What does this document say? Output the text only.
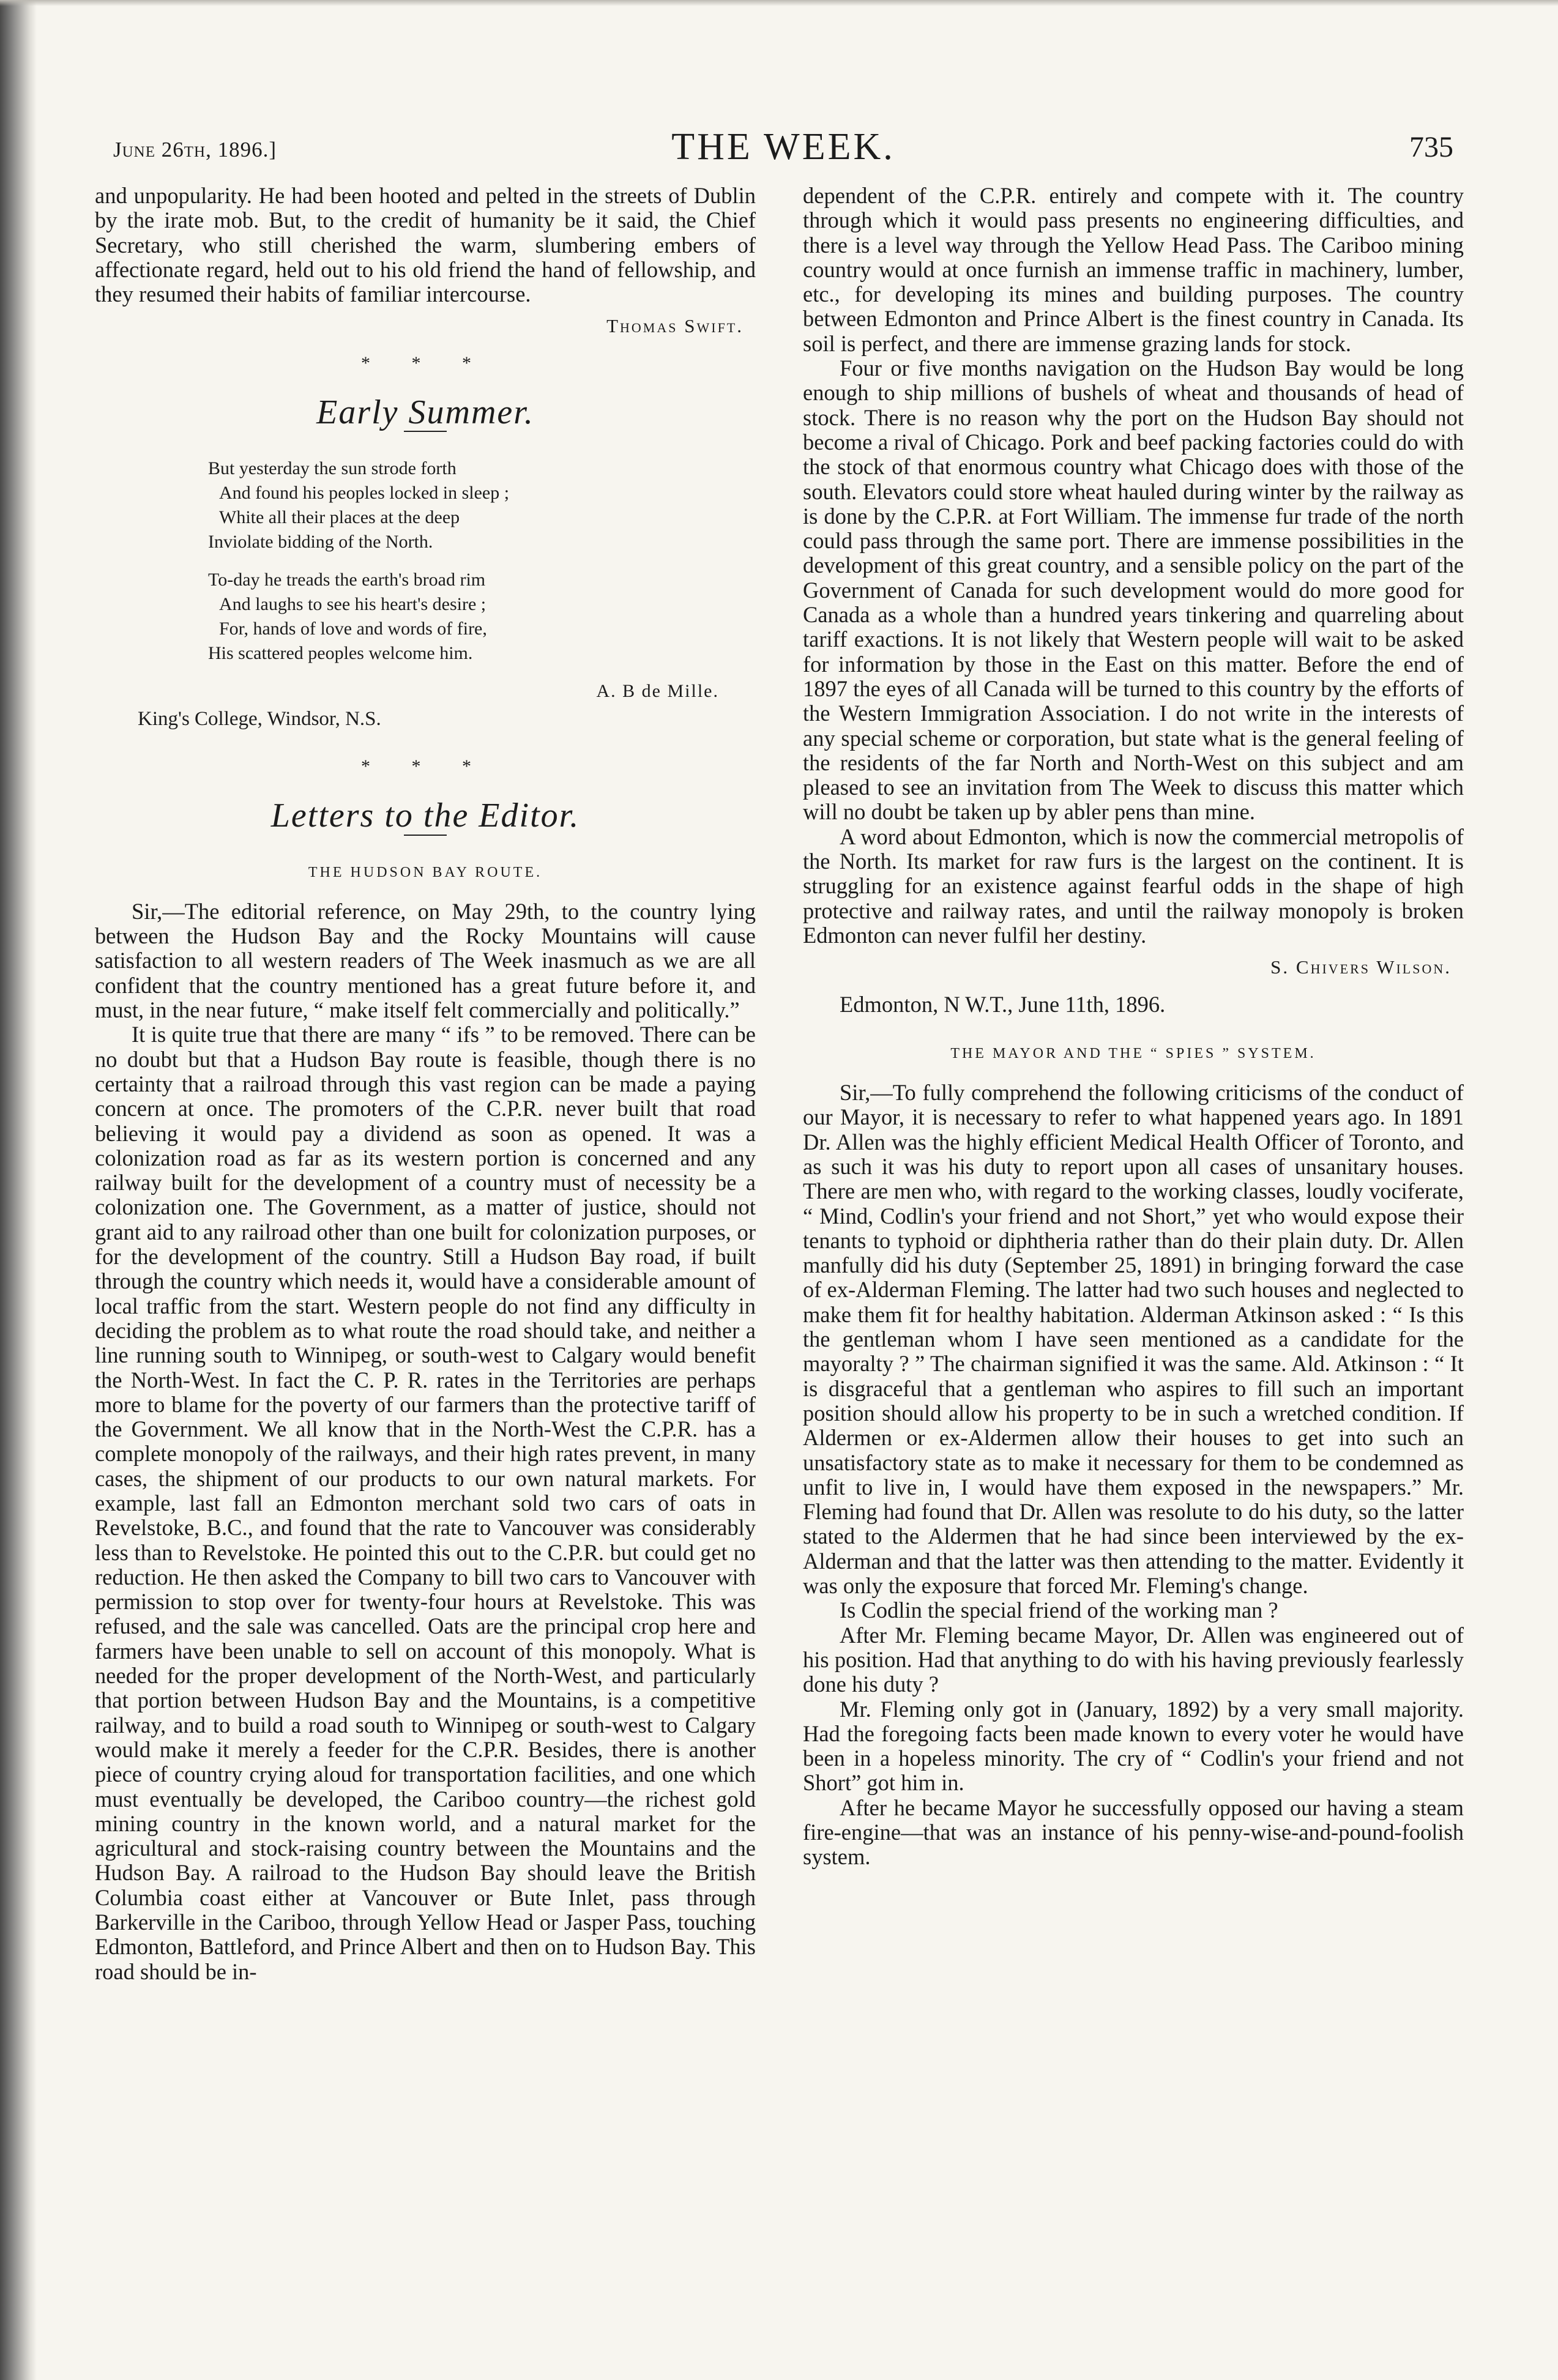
June 26th, 1896.]	THE WEEK.	735

and unpopularity. He had been hooted and pelted in the streets of Dublin by the irate mob. But, to the credit of humanity be it said, the Chief Secretary, who still cherished the warm, slumbering embers of affectionate regard, held out to his old friend the hand of fellowship, and they resumed their habits of familiar intercourse.

Thomas Swift.
* * *
Early Summer.
But yesterday the sun strode forth
And found his peoples locked in sleep ;
White all their places at the deep
Inviolate bidding of the North.
To-day he treads the earth's broad rim
And laughs to see his heart's desire ;
For, hands of love and words of fire,
His scattered peoples welcome him.
A. B de Mille.
King's College, Windsor, N.S.
* * *
Letters to the Editor.
THE HUDSON BAY ROUTE.

Sir,—The editorial reference, on May 29th, to the country lying between the Hudson Bay and the Rocky Mountains will cause satisfaction to all western readers of The Week inasmuch as we are all confident that the country mentioned has a great future before it, and must, in the near future, “ make itself felt commercially and politically.”

It is quite true that there are many “ ifs ” to be removed. There can be no doubt but that a Hudson Bay route is feasible, though there is no certainty that a railroad through this vast region can be made a paying concern at once. The promoters of the C.P.R. never built that road believing it would pay a dividend as soon as opened. It was a colonization road as far as its western portion is concerned and any railway built for the development of a country must of necessity be a colonization one. The Government, as a matter of justice, should not grant aid to any railroad other than one built for colonization purposes, or for the development of the country. Still a Hudson Bay road, if built through the country which needs it, would have a considerable amount of local traffic from the start. Western people do not find any difficulty in deciding the problem as to what route the road should take, and neither a line running south to Winnipeg, or south-west to Calgary would benefit the North-West. In fact the C. P. R. rates in the Territories are perhaps more to blame for the poverty of our farmers than the protective tariff of the Government. We all know that in the North-West the C.P.R. has a complete monopoly of the railways, and their high rates prevent, in many cases, the shipment of our products to our own natural markets. For example, last fall an Edmonton merchant sold two cars of oats in Revelstoke, B.C., and found that the rate to Vancouver was considerably less than to Revelstoke. He pointed this out to the C.P.R. but could get no reduction. He then asked the Company to bill two cars to Vancouver with permission to stop over for twenty-four hours at Revelstoke. This was refused, and the sale was cancelled. Oats are the principal crop here and farmers have been unable to sell on account of this monopoly. What is needed for the proper development of the North-West, and particularly that portion between Hudson Bay and the Mountains, is a competitive railway, and to build a road south to Winnipeg or south-west to Calgary would make it merely a feeder for the C.P.R. Besides, there is another piece of country crying aloud for transportation facilities, and one which must eventually be developed, the Cariboo country—the richest gold mining country in the known world, and a natural market for the agricultural and stock-raising country between the Mountains and the Hudson Bay. A railroad to the Hudson Bay should leave the British Columbia coast either at Vancouver or Bute Inlet, pass through Barkerville in the Cariboo, through Yellow Head or Jasper Pass, touching Edmonton, Battleford, and Prince Albert and then on to Hudson Bay. This road should be in-

dependent of the C.P.R. entirely and compete with it. The country through which it would pass presents no engineering difficulties, and there is a level way through the Yellow Head Pass. The Cariboo mining country would at once furnish an immense traffic in machinery, lumber, etc., for developing its mines and building purposes. The country between Edmonton and Prince Albert is the finest country in Canada. Its soil is perfect, and there are immense grazing lands for stock.

Four or five months navigation on the Hudson Bay would be long enough to ship millions of bushels of wheat and thousands of head of stock. There is no reason why the port on the Hudson Bay should not become a rival of Chicago. Pork and beef packing factories could do with the stock of that enormous country what Chicago does with those of the south. Elevators could store wheat hauled during winter by the railway as is done by the C.P.R. at Fort William. The immense fur trade of the north could pass through the same port. There are immense possibilities in the development of this great country, and a sensible policy on the part of the Government of Canada for such development would do more good for Canada as a whole than a hundred years tinkering and quarreling about tariff exactions. It is not likely that Western people will wait to be asked for information by those in the East on this matter. Before the end of 1897 the eyes of all Canada will be turned to this country by the efforts of the Western Immigration Association. I do not write in the interests of any special scheme or corporation, but state what is the general feeling of the residents of the far North and North-West on this subject and am pleased to see an invitation from The Week to discuss this matter which will no doubt be taken up by abler pens than mine.

A word about Edmonton, which is now the commercial metropolis of the North. Its market for raw furs is the largest on the continent. It is struggling for an existence against fearful odds in the shape of high protective and railway rates, and until the railway monopoly is broken Edmonton can never fulfil her destiny.

S. Chivers Wilson.
Edmonton, N W.T., June 11th, 1896.
THE MAYOR AND THE “ SPIES ” SYSTEM.

Sir,—To fully comprehend the following criticisms of the conduct of our Mayor, it is necessary to refer to what happened years ago. In 1891 Dr. Allen was the highly efficient Medical Health Officer of Toronto, and as such it was his duty to report upon all cases of unsanitary houses. There are men who, with regard to the working classes, loudly vociferate, “ Mind, Codlin's your friend and not Short,” yet who would expose their tenants to typhoid or diphtheria rather than do their plain duty. Dr. Allen manfully did his duty (September 25, 1891) in bringing forward the case of ex-Alderman Fleming. The latter had two such houses and neglected to make them fit for healthy habitation. Alderman Atkinson asked : “ Is this the gentleman whom I have seen mentioned as a candidate for the mayoralty ? ” The chairman signified it was the same. Ald. Atkinson : “ It is disgraceful that a gentleman who aspires to fill such an important position should allow his property to be in such a wretched condition. If Aldermen or ex-Aldermen allow their houses to get into such an unsatisfactory state as to make it necessary for them to be condemned as unfit to live in, I would have them exposed in the newspapers.” Mr. Fleming had found that Dr. Allen was resolute to do his duty, so the latter stated to the Aldermen that he had since been interviewed by the ex-Alderman and that the latter was then attending to the matter. Evidently it was only the exposure that forced Mr. Fleming's change.

Is Codlin the special friend of the working man ?

After Mr. Fleming became Mayor, Dr. Allen was engineered out of his position. Had that anything to do with his having previously fearlessly done his duty ?

Mr. Fleming only got in (January, 1892) by a very small majority. Had the foregoing facts been made known to every voter he would have been in a hopeless minority. The cry of “ Codlin's your friend and not Short” got him in.

After he became Mayor he successfully opposed our having a steam fire-engine—that was an instance of his penny-wise-and-pound-foolish system.
